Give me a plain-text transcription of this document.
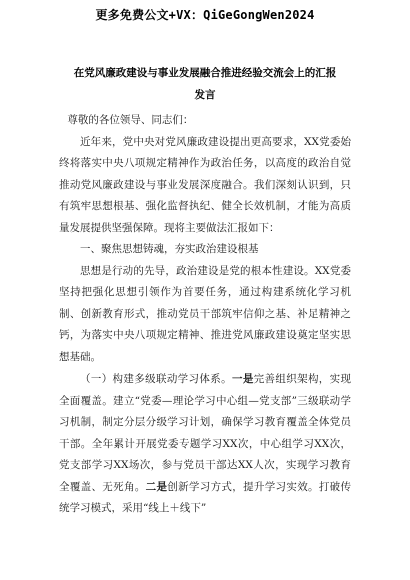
更多免费公文+VX：QiGeGongWen2024
在党风廉政建设与事业发展融合推进经验交流会上的汇报发言

尊敬的各位领导、同志们：

近年来，党中央对党风廉政建设提出更高要求，XX党委始终将落实中央八项规定精神作为政治任务，以高度的政治自觉推动党风廉政建设与事业发展深度融合。我们深刻认识到，只有筑牢思想根基、强化监督执纪、健全长效机制，才能为高质量发展提供坚强保障。现将主要做法汇报如下：

一、聚焦思想铸魂，夯实政治建设根基

思想是行动的先导，政治建设是党的根本性建设。XX党委坚持把强化思想引领作为首要任务，通过构建系统化学习机制、创新教育形式，推动党员干部筑牢信仰之基、补足精神之钙，为落实中央八项规定精神、推进党风廉政建设奠定坚实思想基础。

（一）构建多级联动学习体系。一是完善组织架构，实现全面覆盖。建立“党委—理论学习中心组—党支部”三级联动学习机制，制定分层分级学习计划，确保学习教育覆盖全体党员干部。全年累计开展党委专题学习XX次，中心组学习XX次，党支部学习XX场次，参与党员干部达XX人次，实现学习教育全覆盖、无死角。二是创新学习方式，提升学习实效。打破传统学习模式，采用“线上＋线下”
